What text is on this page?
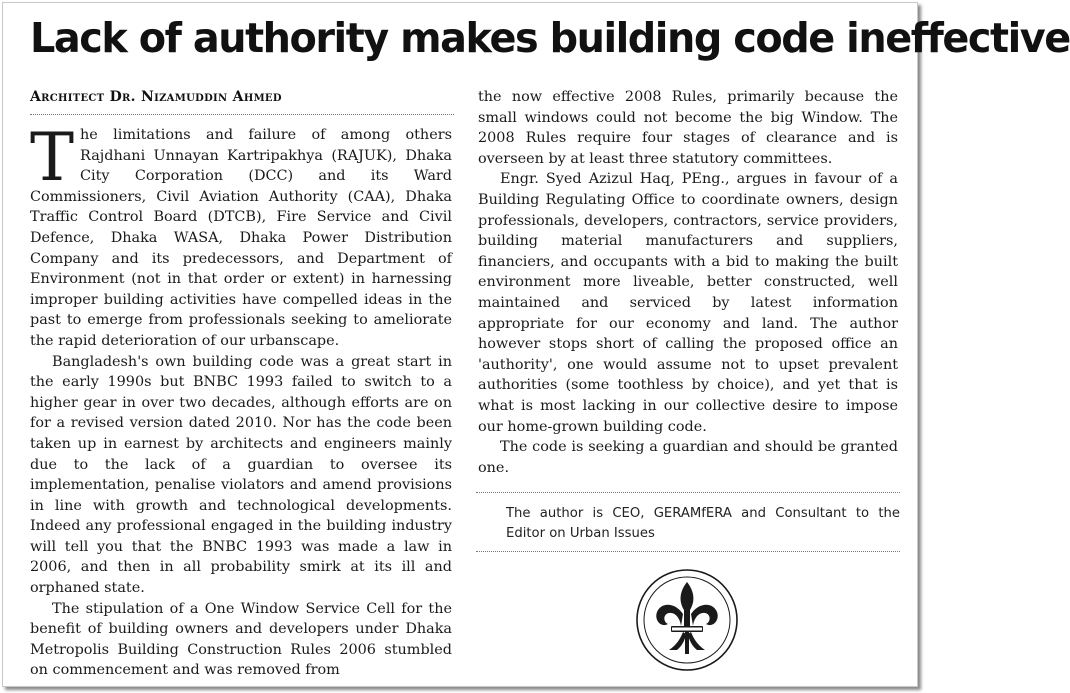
Lack of authority makes building code ineffective
Architect Dr. Nizamuddin Ahmed

The limitations and failure of among others Rajdhani Unnayan Kartripakhya (RAJUK), Dhaka City Corporation (DCC) and its Ward Commissioners, Civil Aviation Authority (CAA), Dhaka Traffic Control Board (DTCB), Fire Service and Civil Defence, Dhaka WASA, Dhaka Power Distribution Company and its predecessors, and Department of Environment (not in that order or extent) in harnessing improper building activities have compelled ideas in the past to emerge from professionals seeking to ameliorate the rapid deterioration of our urbanscape.

Bangladesh's own building code was a great start in the early 1990s but BNBC 1993 failed to switch to a higher gear in over two decades, although efforts are on for a revised version dated 2010. Nor has the code been taken up in earnest by architects and engineers mainly due to the lack of a guardian to oversee its implementation, penalise violators and amend provisions in line with growth and technological developments. Indeed any professional engaged in the building industry will tell you that the BNBC 1993 was made a law in 2006, and then in all probability smirk at its ill and orphaned state.

The stipulation of a One Window Service Cell for the benefit of building owners and developers under Dhaka Metropolis Building Construction Rules 2006 stumbled on commencement and was removed from

the now effective 2008 Rules, primarily because the small windows could not become the big Window. The 2008 Rules require four stages of clearance and is overseen by at least three statutory committees.

Engr. Syed Azizul Haq, PEng., argues in favour of a Building Regulating Office to coordinate owners, design professionals, developers, contractors, service providers, building material manufacturers and suppliers, financiers, and occupants with a bid to making the built environment more liveable, better constructed, well maintained and serviced by latest information appropriate for our economy and land. The author however stops short of calling the proposed office an 'authority', one would assume not to upset prevalent authorities (some toothless by choice), and yet that is what is most lacking in our collective desire to impose our home-grown building code.

The code is seeking a guardian and should be granted one.

The author is CEO, GERAMfERA and Consultant to the Editor on Urban Issues
